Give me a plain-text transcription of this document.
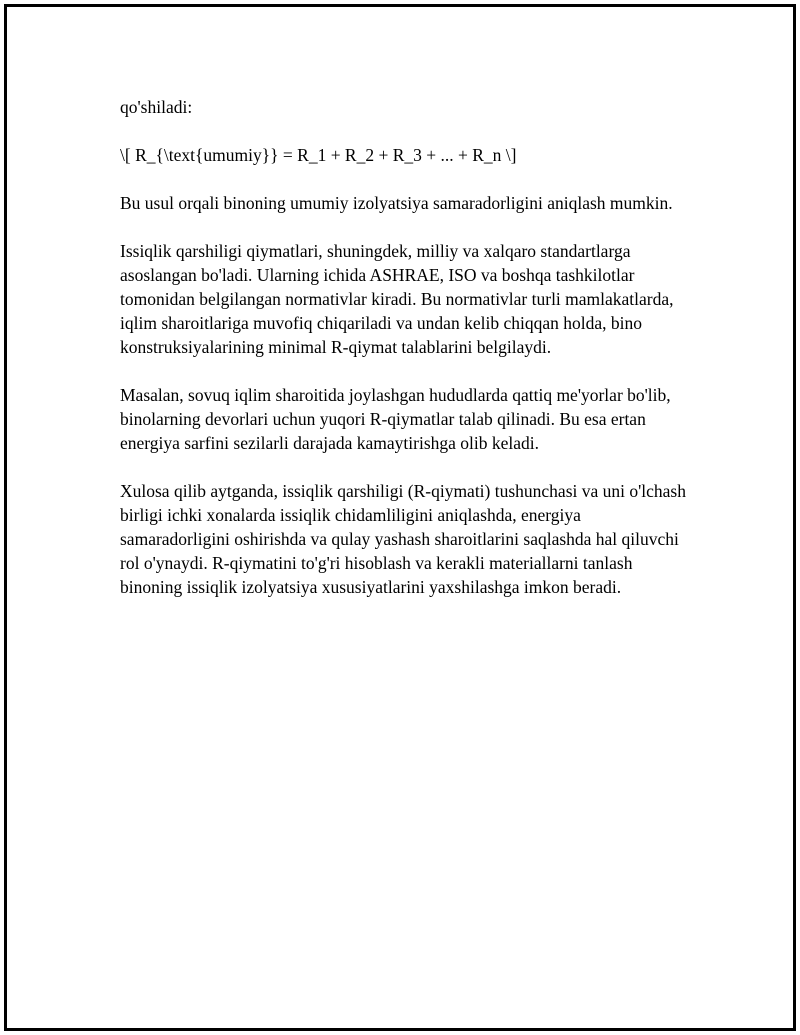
qo'shiladi:

\[ R_{\text{umumiy}} = R_1 + R_2 + R_3 + ... + R_n \]

Bu usul orqali binoning umumiy izolyatsiya samaradorligini aniqlash mumkin.

Issiqlik qarshiligi qiymatlari, shuningdek, milliy va xalqaro standartlarga asoslangan bo'ladi. Ularning ichida ASHRAE, ISO va boshqa tashkilotlar tomonidan belgilangan normativlar kiradi. Bu normativlar turli mamlakatlarda, iqlim sharoitlariga muvofiq chiqariladi va undan kelib chiqqan holda, bino konstruksiyalarining minimal R-qiymat talablarini belgilaydi.

Masalan, sovuq iqlim sharoitida joylashgan hududlarda qattiq me'yorlar bo'lib, binolarning devorlari uchun yuqori R-qiymatlar talab qilinadi. Bu esa ertan energiya sarfini sezilarli darajada kamaytirishga olib keladi.

Xulosa qilib aytganda, issiqlik qarshiligi (R-qiymati) tushunchasi va uni o'lchash birligi ichki xonalarda issiqlik chidamliligini aniqlashda, energiya samaradorligini oshirishda va qulay yashash sharoitlarini saqlashda hal qiluvchi rol o'ynaydi. R-qiymatini to'g'ri hisoblash va kerakli materiallarni tanlash binoning issiqlik izolyatsiya xususiyatlarini yaxshilashga imkon beradi.
